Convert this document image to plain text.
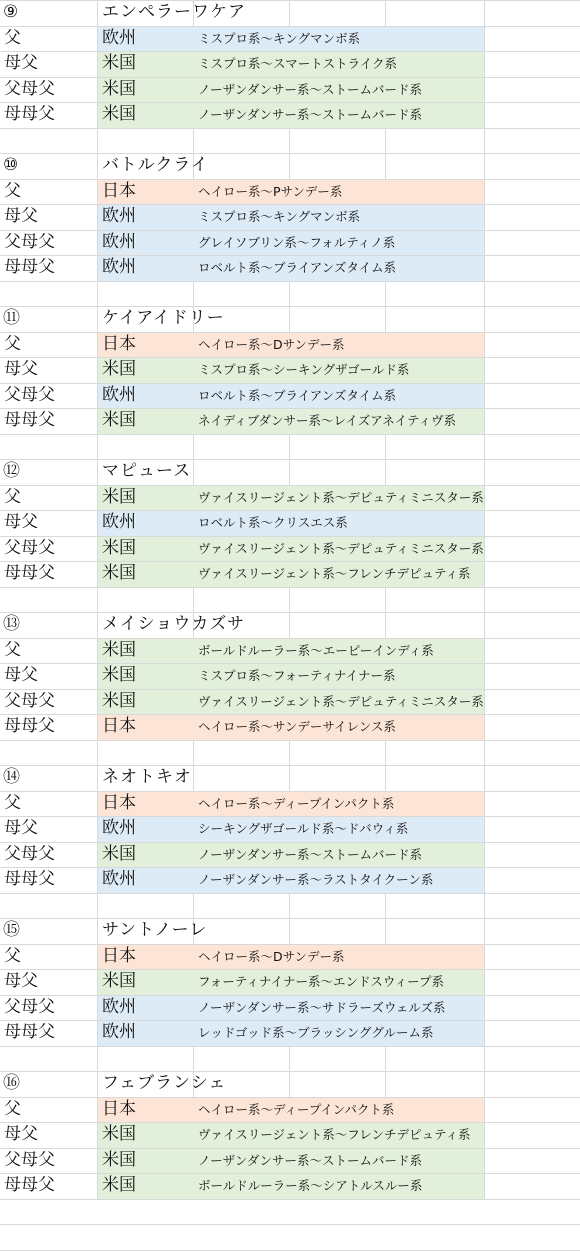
⑨	エンペラーワケア
父	欧州	ミスプロ系～キングマンボ系
母父	米国	ミスプロ系～スマートストライク系
父母父	米国	ノーザンダンサー系～ストームバード系
母母父	米国	ノーザンダンサー系～ストームバード系
⑩	バトルクライ
父	日本	ヘイロー系～Pサンデー系
母父	欧州	ミスプロ系～キングマンボ系
父母父	欧州	グレイソブリン系～フォルティノ系
母母父	欧州	ロベルト系～ブライアンズタイム系
⑪	ケイアイドリー
父	日本	ヘイロー系～Dサンデー系
母父	米国	ミスプロ系～シーキングザゴールド系
父母父	欧州	ロベルト系～ブライアンズタイム系
母母父	米国	ネイディブダンサー系～レイズアネイティヴ系
⑫	マピュース
父	米国	ヴァイスリージェント系～デピュティミニスター系
母父	欧州	ロベルト系～クリスエス系
父母父	米国	ヴァイスリージェント系～デピュティミニスター系
母母父	米国	ヴァイスリージェント系～フレンチデピュティ系
⑬	メイショウカズサ
父	米国	ボールドルーラー系～エーピーインディ系
母父	米国	ミスプロ系～フォーティナイナー系
父母父	米国	ヴァイスリージェント系～デピュティミニスター系
母母父	日本	ヘイロー系～サンデーサイレンス系
⑭	ネオトキオ
父	日本	ヘイロー系～ディープインパクト系
母父	欧州	シーキングザゴールド系～ドバウィ系
父母父	米国	ノーザンダンサー系～ストームバード系
母母父	欧州	ノーザンダンサー系～ラストタイクーン系
⑮	サントノーレ
父	日本	ヘイロー系～Dサンデー系
母父	米国	フォーティナイナー系～エンドスウィープ系
父母父	欧州	ノーザンダンサー系～サドラーズウェルズ系
母母父	欧州	レッドゴッド系～ブラッシンググルーム系
⑯	フェブランシェ
父	日本	ヘイロー系～ディープインパクト系
母父	米国	ヴァイスリージェント系～フレンチデピュティ系
父母父	米国	ノーザンダンサー系～ストームバード系
母母父	米国	ボールドルーラー系～シアトルスルー系
